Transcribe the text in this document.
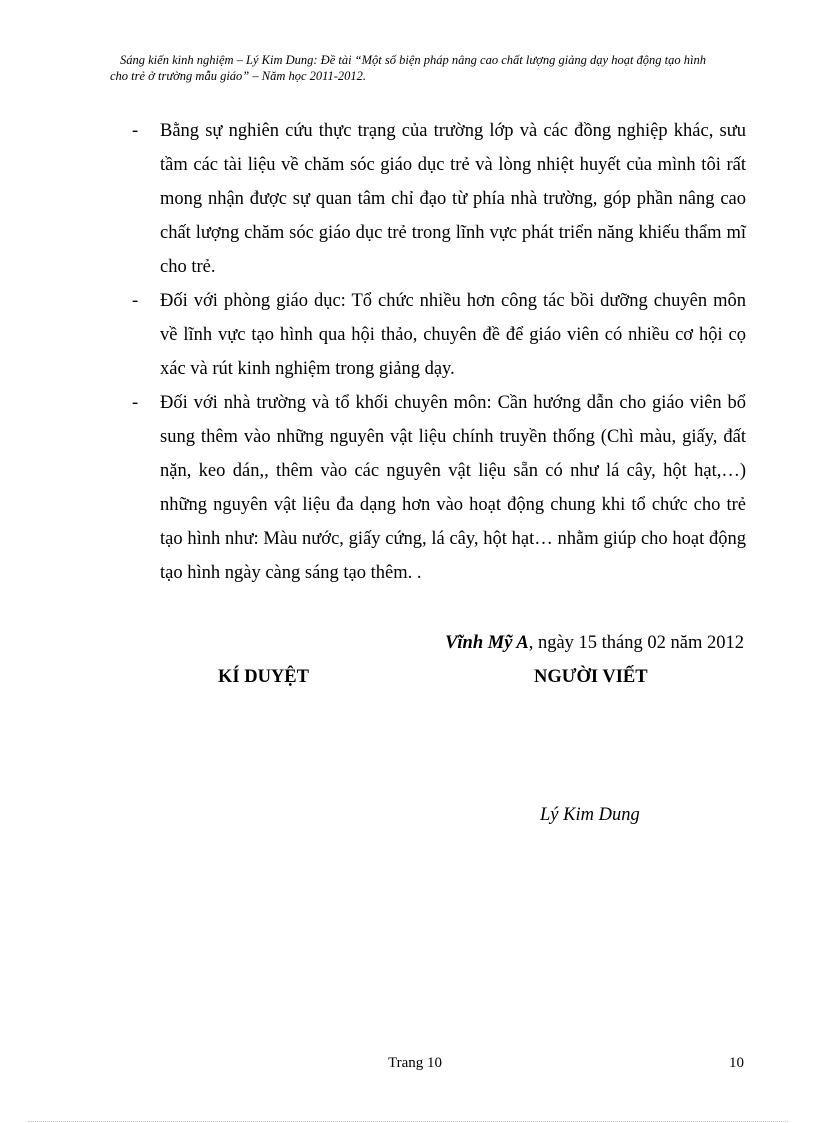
Sáng kiến kinh nghiệm – Lý Kim Dung: Đề tài “Một số biện pháp nâng cao chất lượng giảng dạy hoạt động tạo hình
cho trẻ ở trường mẫu giáo” – Năm học 2011-2012.
- Bằng sự nghiên cứu thực trạng của trường lớp và các đồng nghiệp khác, sưu tầm các tài liệu về chăm sóc giáo dục trẻ và lòng nhiệt huyết của mình tôi rất mong nhận được sự quan tâm chỉ đạo từ phía nhà trường, góp phần nâng cao chất lượng chăm sóc giáo dục trẻ trong lĩnh vực phát triển năng khiếu thẩm mĩ cho trẻ.
- Đối với phòng giáo dục: Tổ chức nhiều hơn công tác bồi dưỡng chuyên môn về lĩnh vực tạo hình qua hội thảo, chuyên đề để giáo viên có nhiều cơ hội cọ xác và rút kinh nghiệm trong giảng dạy.
- Đối với nhà trường và tổ khối chuyên môn: Cần hướng dẫn cho giáo viên bổ sung thêm vào những nguyên vật liệu chính truyền thống (Chì màu, giấy, đất nặn, keo dán,, thêm vào các nguyên vật liệu sẵn có như lá cây, hột hạt,…) những nguyên vật liệu đa dạng hơn vào hoạt động chung khi tổ chức cho trẻ tạo hình như: Màu nước, giấy cứng, lá cây, hột hạt… nhằm giúp cho hoạt động tạo hình ngày càng sáng tạo thêm. .
Vĩnh Mỹ A, ngày 15 tháng 02 năm 2012
KÍ DUYỆT	NGƯỜI VIẾT
Lý Kim Dung
Trang 10	10
